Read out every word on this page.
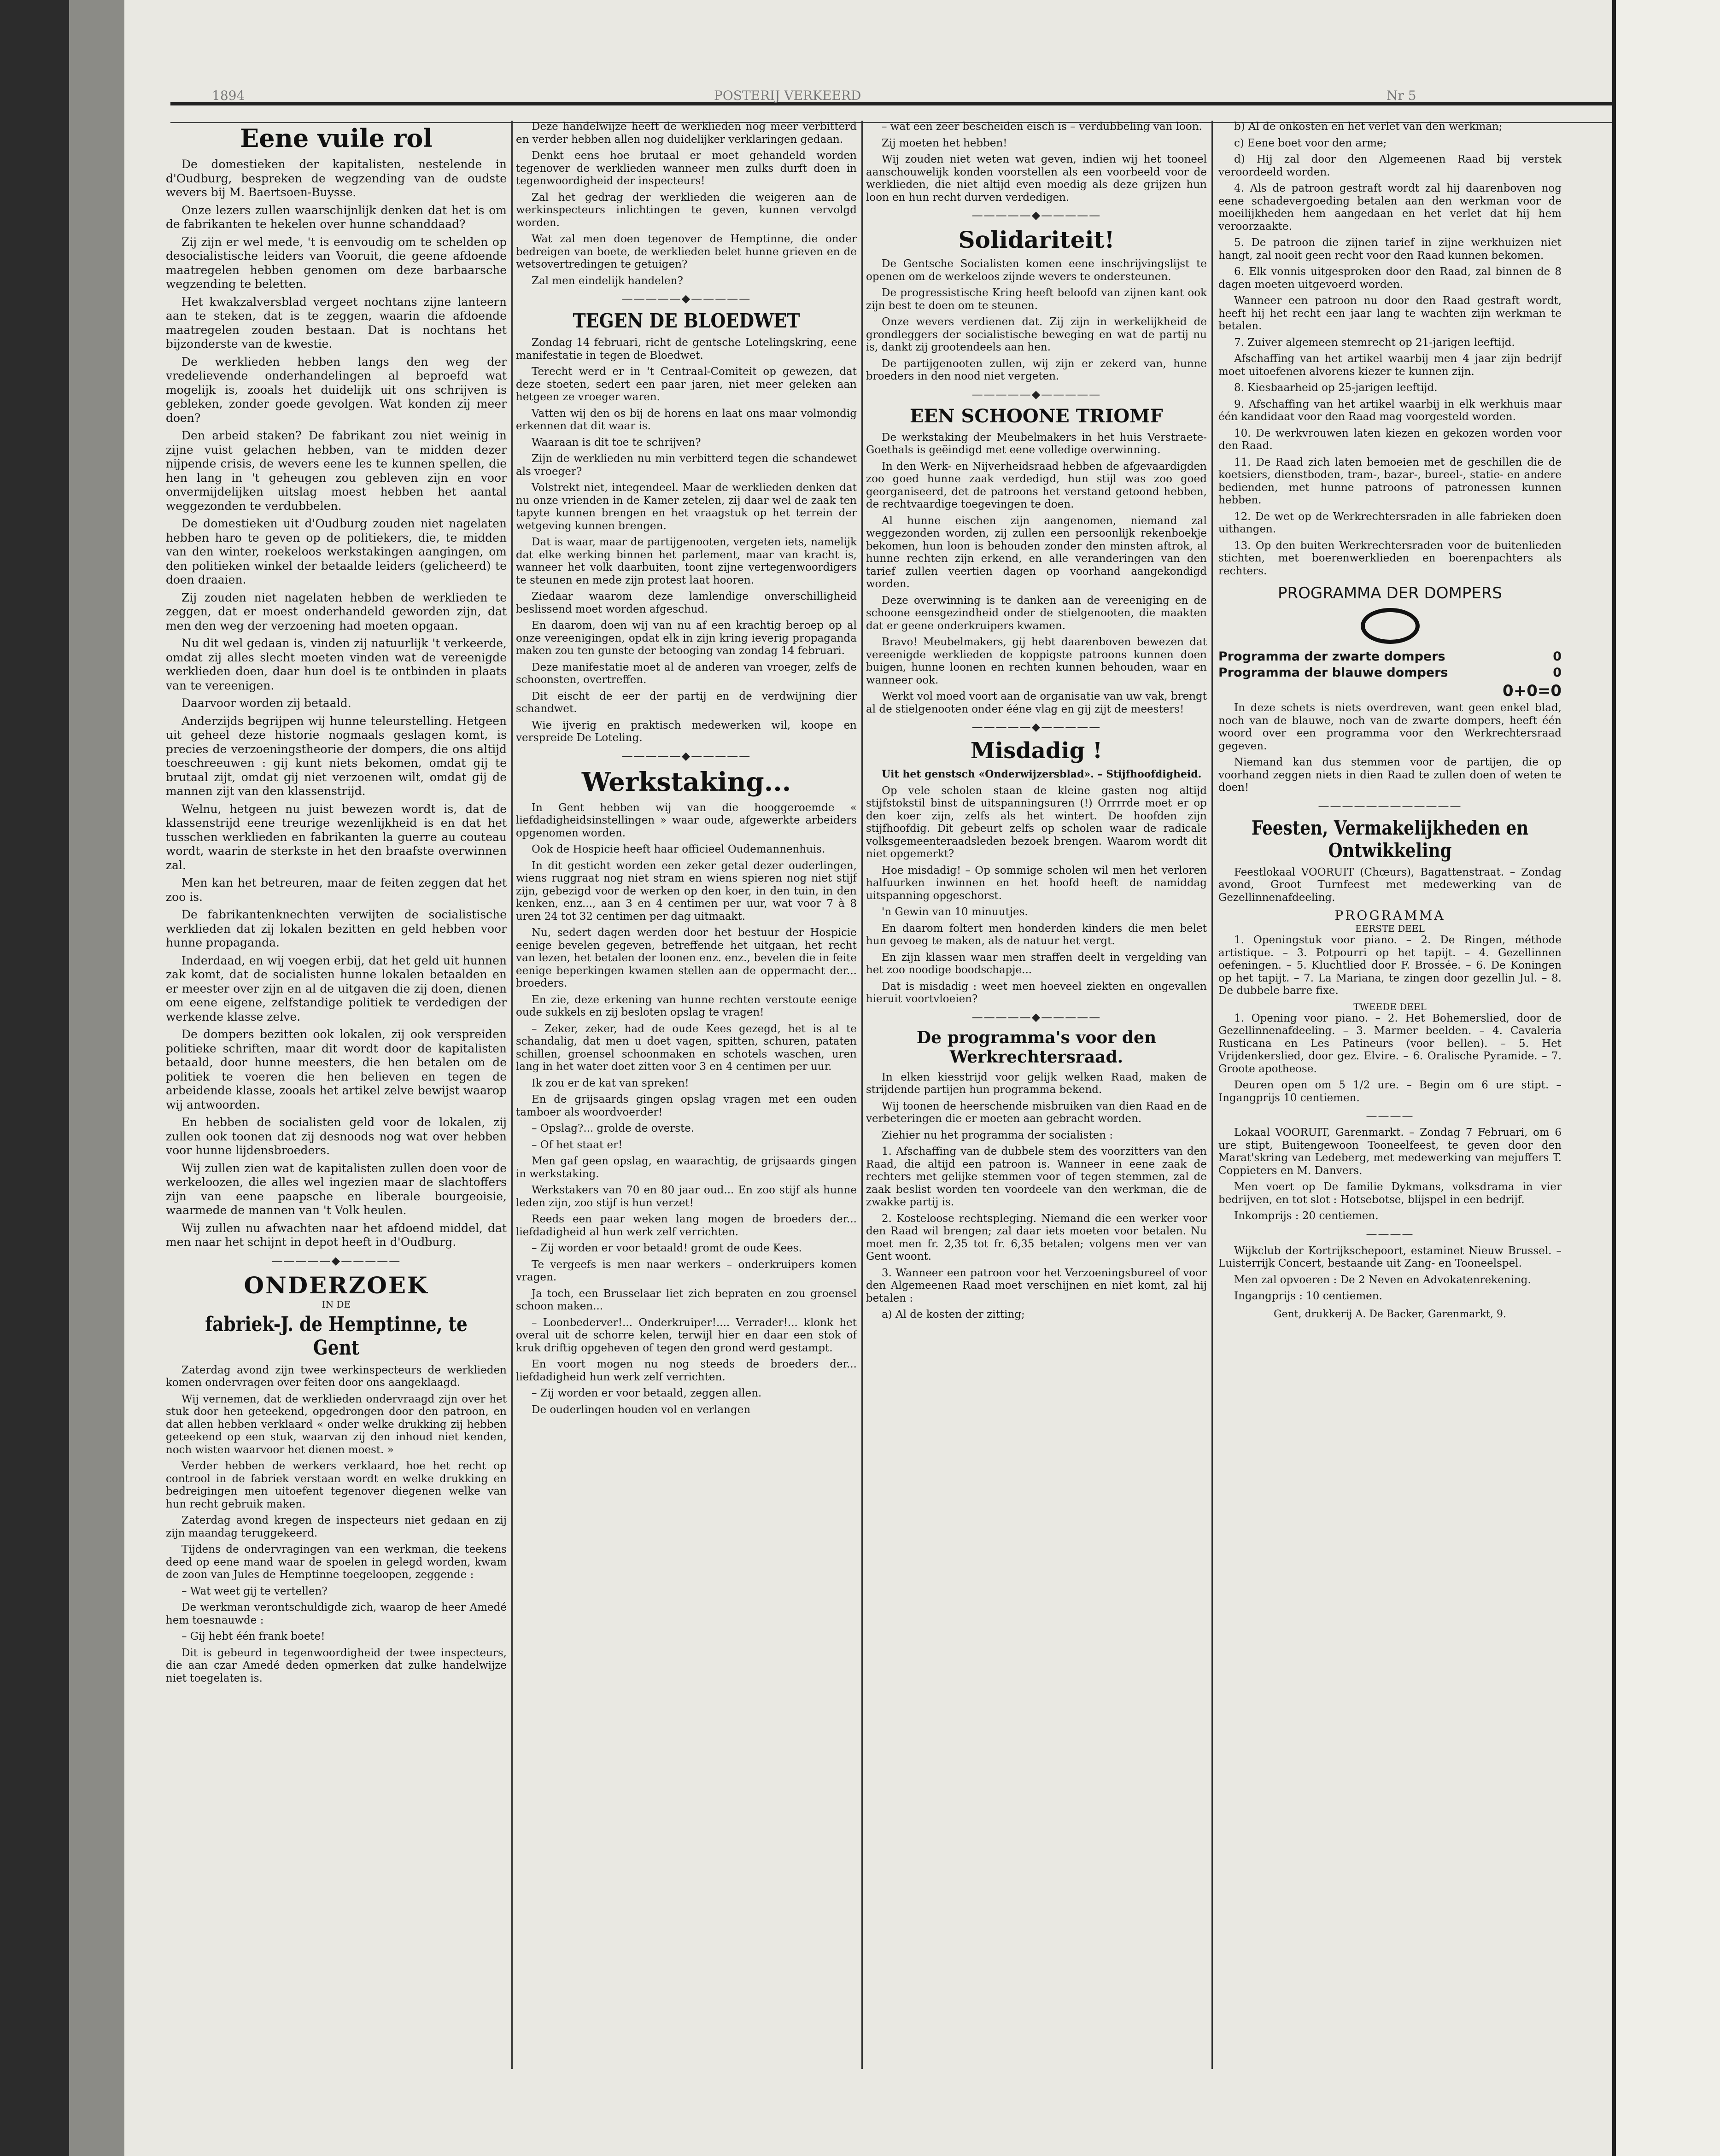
1894	POSTERIJ VERKEERD	Nr 5
Eene vuile rol

De domestieken der kapitalisten, nestelende in d'Oudburg, bespreken de wegzending van de oudste wevers bij M. Baertsoen-Buysse.

Onze lezers zullen waarschijnlijk denken dat het is om de fabrikanten te hekelen over hunne schanddaad?

Zij zijn er wel mede, 't is eenvoudig om te schelden op desocialistische leiders van Vooruit, die geene afdoende maatregelen hebben genomen om deze barbaarsche wegzending te beletten.

Het kwakzalversblad vergeet nochtans zijne lanteern aan te steken, dat is te zeggen, waarin die afdoende maatregelen zouden bestaan. Dat is nochtans het bijzonderste van de kwestie.

De werklieden hebben langs den weg der vredelievende onderhandelingen al beproefd wat mogelijk is, zooals het duidelijk uit ons schrijven is gebleken, zonder goede gevolgen. Wat konden zij meer doen?

Den arbeid staken? De fabrikant zou niet weinig in zijne vuist gelachen hebben, van te midden dezer nijpende crisis, de wevers eene les te kunnen spellen, die hen lang in 't geheugen zou gebleven zijn en voor onvermijdelijken uitslag moest hebben het aantal weggezonden te verdubbelen.

De domestieken uit d'Oudburg zouden niet nagelaten hebben haro te geven op de politiekers, die, te midden van den winter, roekeloos werkstakingen aangingen, om den politieken winkel der betaalde leiders (gelicheerd) te doen draaien.

Zij zouden niet nagelaten hebben de werklieden te zeggen, dat er moest onderhandeld geworden zijn, dat men den weg der verzoening had moeten opgaan.

Nu dit wel gedaan is, vinden zij natuurlijk 't verkeerde, omdat zij alles slecht moeten vinden wat de vereenigde werklieden doen, daar hun doel is te ontbinden in plaats van te vereenigen.

Daarvoor worden zij betaald.

Anderzijds begrijpen wij hunne teleurstelling. Hetgeen uit geheel deze historie nogmaals geslagen komt, is precies de verzoeningstheorie der dompers, die ons altijd toeschreeuwen : gij kunt niets bekomen, omdat gij te brutaal zijt, omdat gij niet verzoenen wilt, omdat gij de mannen zijt van den klassenstrijd.

Welnu, hetgeen nu juist bewezen wordt is, dat de klassenstrijd eene treurige wezenlijkheid is en dat het tusschen werklieden en fabrikanten la guerre au couteau wordt, waarin de sterkste in het den braafste overwinnen zal.

Men kan het betreuren, maar de feiten zeggen dat het zoo is.

De fabrikantenknechten verwijten de socialistische werklieden dat zij lokalen bezitten en geld hebben voor hunne propaganda.

Inderdaad, en wij voegen erbij, dat het geld uit hunnen zak komt, dat de socialisten hunne lokalen betaalden en er meester over zijn en al de uitgaven die zij doen, dienen om eene eigene, zelfstandige politiek te verdedigen der werkende klasse zelve.

De dompers bezitten ook lokalen, zij ook verspreiden politieke schriften, maar dit wordt door de kapitalisten betaald, door hunne meesters, die hen betalen om de politiek te voeren die hen believen en tegen de arbeidende klasse, zooals het artikel zelve bewijst waarop wij antwoorden.

En hebben de socialisten geld voor de lokalen, zij zullen ook toonen dat zij desnoods nog wat over hebben voor hunne lijdensbroeders.

Wij zullen zien wat de kapitalisten zullen doen voor de werkeloozen, die alles wel ingezien maar de slachtoffers zijn van eene paapsche en liberale bourgeoisie, waarmede de mannen van 't Volk heulen.

Wij zullen nu afwachten naar het afdoend middel, dat men naar het schijnt in depot heeft in d'Oudburg.

—————◆—————
ONDERZOEK
IN DE
fabriek-J. de Hemptinne, te Gent

Zaterdag avond zijn twee werkinspecteurs de werklieden komen ondervragen over feiten door ons aangeklaagd.

Wij vernemen, dat de werklieden ondervraagd zijn over het stuk door hen geteekend, opgedrongen door den patroon, en dat allen hebben verklaard « onder welke drukking zij hebben geteekend op een stuk, waarvan zij den inhoud niet kenden, noch wisten waarvoor het dienen moest. »

Verder hebben de werkers verklaard, hoe het recht op controol in de fabriek verstaan wordt en welke drukking en bedreigingen men uitoefent tegenover diegenen welke van hun recht gebruik maken.

Zaterdag avond kregen de inspecteurs niet gedaan en zij zijn maandag teruggekeerd.

Tijdens de ondervragingen van een werkman, die teekens deed op eene mand waar de spoelen in gelegd worden, kwam de zoon van Jules de Hemptinne toegeloopen, zeggende :

– Wat weet gij te vertellen?

De werkman verontschuldigde zich, waarop de heer Amedé hem toesnauwde :

– Gij hebt één frank boete!

Dit is gebeurd in tegenwoordigheid der twee inspecteurs, die aan czar Amedé deden opmerken dat zulke handelwijze niet toegelaten is.

Deze handelwijze heeft de werklieden nog meer verbitterd en verder hebben allen nog duidelijker verklaringen gedaan.

Denkt eens hoe brutaal er moet gehandeld worden tegenover de werklieden wanneer men zulks durft doen in tegenwoordigheid der inspecteurs!

Zal het gedrag der werklieden die weigeren aan de werkinspecteurs inlichtingen te geven, kunnen vervolgd worden.

Wat zal men doen tegenover de Hemptinne, die onder bedreigen van boete, de werklieden belet hunne grieven en de wetsovertredingen te getuigen?

Zal men eindelijk handelen?

—————◆—————
TEGEN DE BLOEDWET

Zondag 14 februari, richt de gentsche Lotelingskring, eene manifestatie in tegen de Bloedwet.

Terecht werd er in 't Centraal-Comiteit op gewezen, dat deze stoeten, sedert een paar jaren, niet meer geleken aan hetgeen ze vroeger waren.

Vatten wij den os bij de horens en laat ons maar volmondig erkennen dat dit waar is.

Waaraan is dit toe te schrijven?

Zijn de werklieden nu min verbitterd tegen die schandewet als vroeger?

Volstrekt niet, integendeel. Maar de werklieden denken dat nu onze vrienden in de Kamer zetelen, zij daar wel de zaak ten tapyte kunnen brengen en het vraagstuk op het terrein der wetgeving kunnen brengen.

Dat is waar, maar de partijgenooten, vergeten iets, namelijk dat elke werking binnen het parlement, maar van kracht is, wanneer het volk daarbuiten, toont zijne vertegenwoordigers te steunen en mede zijn protest laat hooren.

Ziedaar waarom deze lamlendige onverschilligheid beslissend moet worden afgeschud.

En daarom, doen wij van nu af een krachtig beroep op al onze vereenigingen, opdat elk in zijn kring ieverig propaganda maken zou ten gunste der betooging van zondag 14 februari.

Deze manifestatie moet al de anderen van vroeger, zelfs de schoonsten, overtreffen.

Dit eischt de eer der partij en de verdwijning dier schandwet.

Wie ijverig en praktisch medewerken wil, koope en verspreide De Loteling.

—————◆—————
Werkstaking...

In Gent hebben wij van die hooggeroemde « liefdadigheidsinstellingen » waar oude, afgewerkte arbeiders opgenomen worden.

Ook de Hospicie heeft haar officieel Oudemannenhuis.

In dit gesticht worden een zeker getal dezer ouderlingen, wiens ruggraat nog niet stram en wiens spieren nog niet stijf zijn, gebezigd voor de werken op den koer, in den tuin, in den kenken, enz..., aan 3 en 4 centimen per uur, wat voor 7 à 8 uren 24 tot 32 centimen per dag uitmaakt.

Nu, sedert dagen werden door het bestuur der Hospicie eenige bevelen gegeven, betreffende het uitgaan, het recht van lezen, het betalen der loonen enz. enz., bevelen die in feite eenige beperkingen kwamen stellen aan de oppermacht der... broeders.

En zie, deze erkening van hunne rechten verstoute eenige oude sukkels en zij besloten opslag te vragen!

– Zeker, zeker, had de oude Kees gezegd, het is al te schandalig, dat men u doet vagen, spitten, schuren, pataten schillen, groensel schoonmaken en schotels waschen, uren lang in het water doet zitten voor 3 en 4 centimen per uur.

Ik zou er de kat van spreken!

En de grijsaards gingen opslag vragen met een ouden tamboer als woordvoerder!

– Opslag?... grolde de overste.

– Of het staat er!

Men gaf geen opslag, en waarachtig, de grijsaards gingen in werkstaking.

Werkstakers van 70 en 80 jaar oud... En zoo stijf als hunne leden zijn, zoo stijf is hun verzet!

Reeds een paar weken lang mogen de broeders der... liefdadigheid al hun werk zelf verrichten.

– Zij worden er voor betaald! gromt de oude Kees.

Te vergeefs is men naar werkers – onderkruipers komen vragen.

Ja toch, een Brusselaar liet zich bepraten en zou groensel schoon maken...

– Loonbederver!... Onderkruiper!.... Verrader!... klonk het overal uit de schorre kelen, terwijl hier en daar een stok of kruk driftig opgeheven of tegen den grond werd gestampt.

En voort mogen nu nog steeds de broeders der... liefdadigheid hun werk zelf verrichten.

– Zij worden er voor betaald, zeggen allen.

De ouderlingen houden vol en verlangen

– wat een zeer bescheiden eisch is – verdubbeling van loon.

Zij moeten het hebben!

Wij zouden niet weten wat geven, indien wij het tooneel aanschouwelijk konden voorstellen als een voorbeeld voor de werklieden, die niet altijd even moedig als deze grijzen hun loon en hun recht durven verdedigen.

—————◆—————
Solidariteit!

De Gentsche Socialisten komen eene inschrijvingslijst te openen om de werkeloos zijnde wevers te ondersteunen.

De progressistische Kring heeft beloofd van zijnen kant ook zijn best te doen om te steunen.

Onze wevers verdienen dat. Zij zijn in werkelijkheid de grondleggers der socialistische beweging en wat de partij nu is, dankt zij grootendeels aan hen.

De partijgenooten zullen, wij zijn er zekerd van, hunne broeders in den nood niet vergeten.

—————◆—————
EEN SCHOONE TRIOMF

De werkstaking der Meubelmakers in het huis Verstraete-Goethals is geëindigd met eene volledige overwinning.

In den Werk- en Nijverheidsraad hebben de afgevaardigden zoo goed hunne zaak verdedigd, hun stijl was zoo goed georganiseerd, det de patroons het verstand getoond hebben, de rechtvaardige toegevingen te doen.

Al hunne eischen zijn aangenomen, niemand zal weggezonden worden, zij zullen een persoonlijk rekenboekje bekomen, hun loon is behouden zonder den minsten aftrok, al hunne rechten zijn erkend, en alle veranderingen van den tarief zullen veertien dagen op voorhand aangekondigd worden.

Deze overwinning is te danken aan de vereeniging en de schoone eensgezindheid onder de stielgenooten, die maakten dat er geene onderkruipers kwamen.

Bravo! Meubelmakers, gij hebt daarenboven bewezen dat vereenigde werklieden de koppigste patroons kunnen doen buigen, hunne loonen en rechten kunnen behouden, waar en wanneer ook.

Werkt vol moed voort aan de organisatie van uw vak, brengt al de stielgenooten onder ééne vlag en gij zijt de meesters!

—————◆—————
Misdadig !

Uit het genstsch «Onderwijzersblad». – Stijfhoofdigheid.

Op vele scholen staan de kleine gasten nog altijd stijfstokstil binst de uitspanningsuren (!) Orrrrde moet er op den koer zijn, zelfs als het wintert. De hoofden zijn stijfhoofdig. Dit gebeurt zelfs op scholen waar de radicale volksgemeenteraadsleden bezoek brengen. Waarom wordt dit niet opgemerkt?

Hoe misdadig! – Op sommige scholen wil men het verloren halfuurken inwinnen en het hoofd heeft de namiddag uitspanning opgeschorst.

'n Gewin van 10 minuutjes.

En daarom foltert men honderden kinders die men belet hun gevoeg te maken, als de natuur het vergt.

En zijn klassen waar men straffen deelt in vergelding van het zoo noodige boodschapje...

Dat is misdadig : weet men hoeveel ziekten en ongevallen hieruit voortvloeien?

—————◆—————
De programma's voor den Werkrechtersraad.

In elken kiesstrijd voor gelijk welken Raad, maken de strijdende partijen hun programma bekend.

Wij toonen de heerschende misbruiken van dien Raad en de verbeteringen die er moeten aan gebracht worden.

Ziehier nu het programma der socialisten :

1. Afschaffing van de dubbele stem des voorzitters van den Raad, die altijd een patroon is. Wanneer in eene zaak de rechters met gelijke stemmen voor of tegen stemmen, zal de zaak beslist worden ten voordeele van den werkman, die de zwakke partij is.

2. Kosteloose rechtspleging. Niemand die een werker voor den Raad wil brengen; zal daar iets moeten voor betalen. Nu moet men fr. 2,35 tot fr. 6,35 betalen; volgens men ver van Gent woont.

3. Wanneer een patroon voor het Verzoeningsbureel of voor den Algemeenen Raad moet verschijnen en niet komt, zal hij betalen :

a) Al de kosten der zitting;

b) Al de onkosten en het verlet van den werkman;

c) Eene boet voor den arme;

d) Hij zal door den Algemeenen Raad bij verstek veroordeeld worden.

4. Als de patroon gestraft wordt zal hij daarenboven nog eene schadevergoeding betalen aan den werkman voor de moeilijkheden hem aangedaan en het verlet dat hij hem veroorzaakte.

5. De patroon die zijnen tarief in zijne werkhuizen niet hangt, zal nooit geen recht voor den Raad kunnen bekomen.

6. Elk vonnis uitgesproken door den Raad, zal binnen de 8 dagen moeten uitgevoerd worden.

Wanneer een patroon nu door den Raad gestraft wordt, heeft hij het recht een jaar lang te wachten zijn werkman te betalen.

7. Zuiver algemeen stemrecht op 21-jarigen leeftijd.

Afschaffing van het artikel waarbij men 4 jaar zijn bedrijf moet uitoefenen alvorens kiezer te kunnen zijn.

8. Kiesbaarheid op 25-jarigen leeftijd.

9. Afschaffing van het artikel waarbij in elk werkhuis maar één kandidaat voor den Raad mag voorgesteld worden.

10. De werkvrouwen laten kiezen en gekozen worden voor den Raad.

11. De Raad zich laten bemoeien met de geschillen die de koetsiers, dienstboden, tram-, bazar-, bureel-, statie- en andere bedienden, met hunne patroons of patronessen kunnen hebben.

12. De wet op de Werkrechtersraden in alle fabrieken doen uithangen.

13. Op den buiten Werkrechtersraden voor de buitenlieden stichten, met boerenwerklieden en boerenpachters als rechters.

PROGRAMMA DER DOMPERS
Programma der zwarte dompers	0
Programma der blauwe dompers	0
0+0=0

In deze schets is niets overdreven, want geen enkel blad, noch van de blauwe, noch van de zwarte dompers, heeft één woord over een programma voor den Werkrechtersraad gegeven.

Niemand kan dus stemmen voor de partijen, die op voorhand zeggen niets in dien Raad te zullen doen of weten te doen!

————————————
Feesten, Vermakelijkheden en Ontwikkeling

Feestlokaal VOORUIT (Chœurs), Bagattenstraat. – Zondag avond, Groot Turnfeest met medewerking van de Gezellinnenafdeeling.

PROGRAMMA
EERSTE DEEL

1. Openingstuk voor piano. – 2. De Ringen, méthode artistique. – 3. Potpourri op het tapijt. – 4. Gezellinnen oefeningen. – 5. Kluchtlied door F. Brossée. – 6. De Koningen op het tapijt. – 7. La Mariana, te zingen door gezellin Jul. – 8. De dubbele barre fixe.

TWEEDE DEEL

1. Opening voor piano. – 2. Het Bohemerslied, door de Gezellinnenafdeeling. – 3. Marmer beelden. – 4. Cavaleria Rusticana en Les Patineurs (voor bellen). – 5. Het Vrijdenkerslied, door gez. Elvire. – 6. Oralische Pyramide. – 7. Groote apotheose.

Deuren open om 5 1/2 ure. – Begin om 6 ure stipt. – Ingangprijs 10 centiemen.

————

Lokaal VOORUIT, Garenmarkt. – Zondag 7 Februari, om 6 ure stipt, Buitengewoon Tooneelfeest, te geven door den Marat'skring van Ledeberg, met medewerking van mejuffers T. Coppieters en M. Danvers.

Men voert op De familie Dykmans, volksdrama in vier bedrijven, en tot slot : Hotsebotse, blijspel in een bedrijf.

Inkomprijs : 20 centiemen.

————

Wijkclub der Kortrijkschepoort, estaminet Nieuw Brussel. – Luisterrijk Concert, bestaande uit Zang- en Tooneelspel.

Men zal opvoeren : De 2 Neven en Advokatenrekening.

Ingangprijs : 10 centiemen.

Gent, drukkerij A. De Backer, Garenmarkt, 9.
